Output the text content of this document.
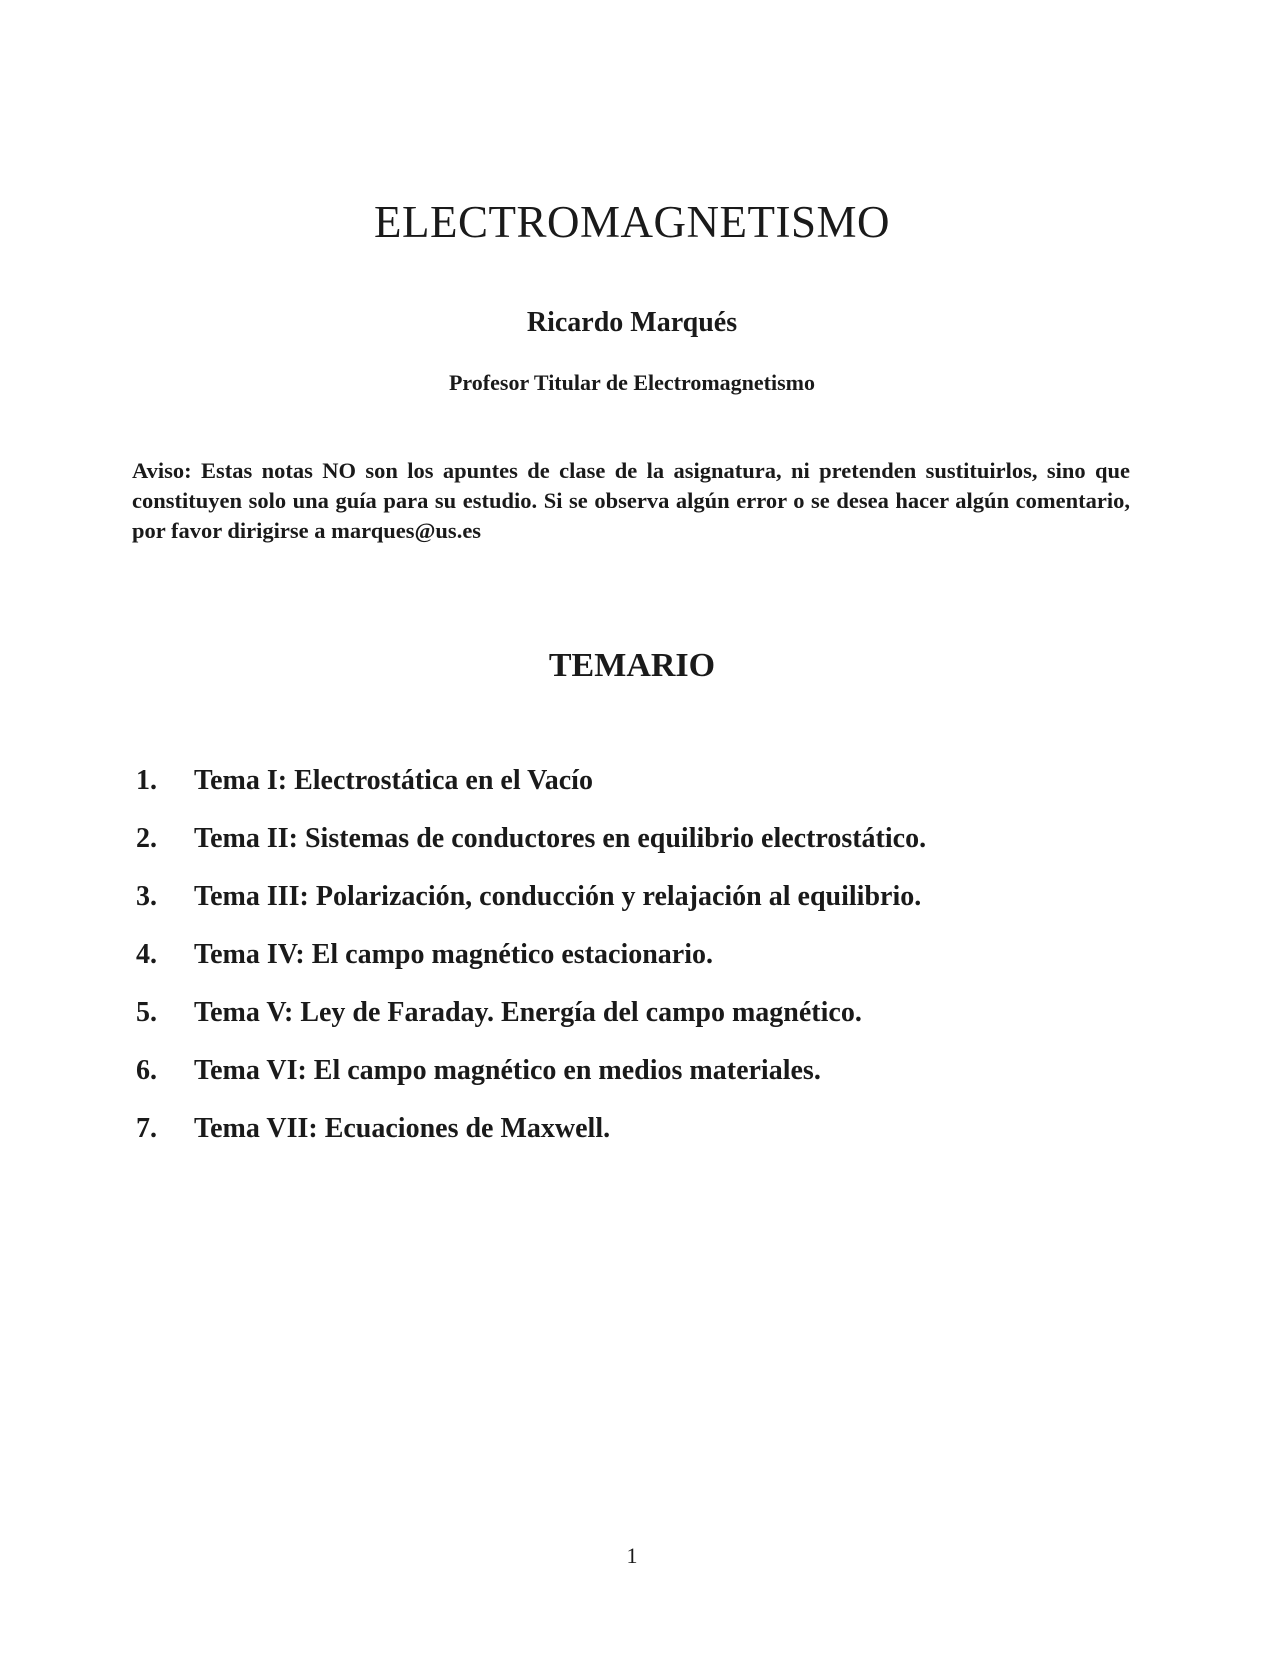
ELECTROMAGNETISMO

Ricardo Marqués

Profesor Titular de Electromagnetismo

Aviso: Estas notas NO son los apuntes de clase de la asignatura, ni pretenden sustituirlos, sino que constituyen solo una guía para su estudio. Si se observa algún error o se desea hacer algún comentario, por favor dirigirse a marques@us.es

TEMARIO
1.	Tema I: Electrostática en el Vacío
2.	Tema II: Sistemas de conductores en equilibrio electrostático.
3.	Tema III: Polarización, conducción y relajación al equilibrio.
4.	Tema IV: El campo magnético estacionario.
5.	Tema V: Ley de Faraday. Energía del campo magnético.
6.	Tema VI: El campo magnético en medios materiales.
7.	Tema VII: Ecuaciones de Maxwell.

1
